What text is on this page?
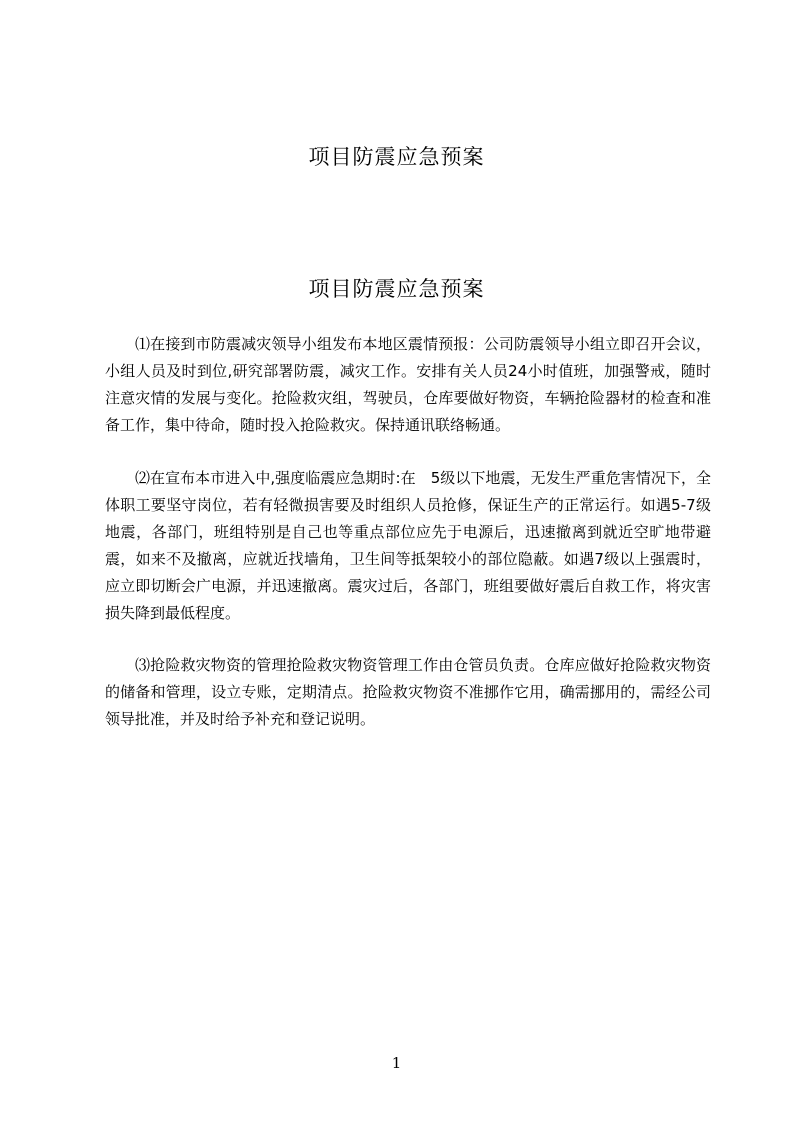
项目防震应急预案
项目防震应急预案

⑴在接到市防震减灾领导小组发布本地区震情预报：公司防震领导小组立即召开会议，小组人员及时到位,研究部署防震，减灾工作。安排有关人员24小时值班，加强警戒，随时注意灾情的发展与变化。抢险救灾组，驾驶员，仓库要做好物资，车辆抢险器材的检查和准备工作，集中待命，随时投入抢险救灾。保持通讯联络畅通。

⑵在宣布本市进入中,强度临震应急期时:在　5级以下地震，无发生严重危害情况下，全体职工要坚守岗位，若有轻微损害要及时组织人员抢修，保证生产的正常运行。如遇5-7级地震，各部门，班组特别是自己也等重点部位应先于电源后，迅速撤离到就近空旷地带避震，如来不及撤离，应就近找墙角，卫生间等抵架较小的部位隐蔽。如遇7级以上强震时，应立即切断会广电源，并迅速撤离。震灾过后，各部门，班组要做好震后自救工作，将灾害损失降到最低程度。

⑶抢险救灾物资的管理抢险救灾物资管理工作由仓管员负责。仓库应做好抢险救灾物资的储备和管理，设立专账，定期清点。抢险救灾物资不准挪作它用，确需挪用的，需经公司领导批准，并及时给予补充和登记说明。

1
